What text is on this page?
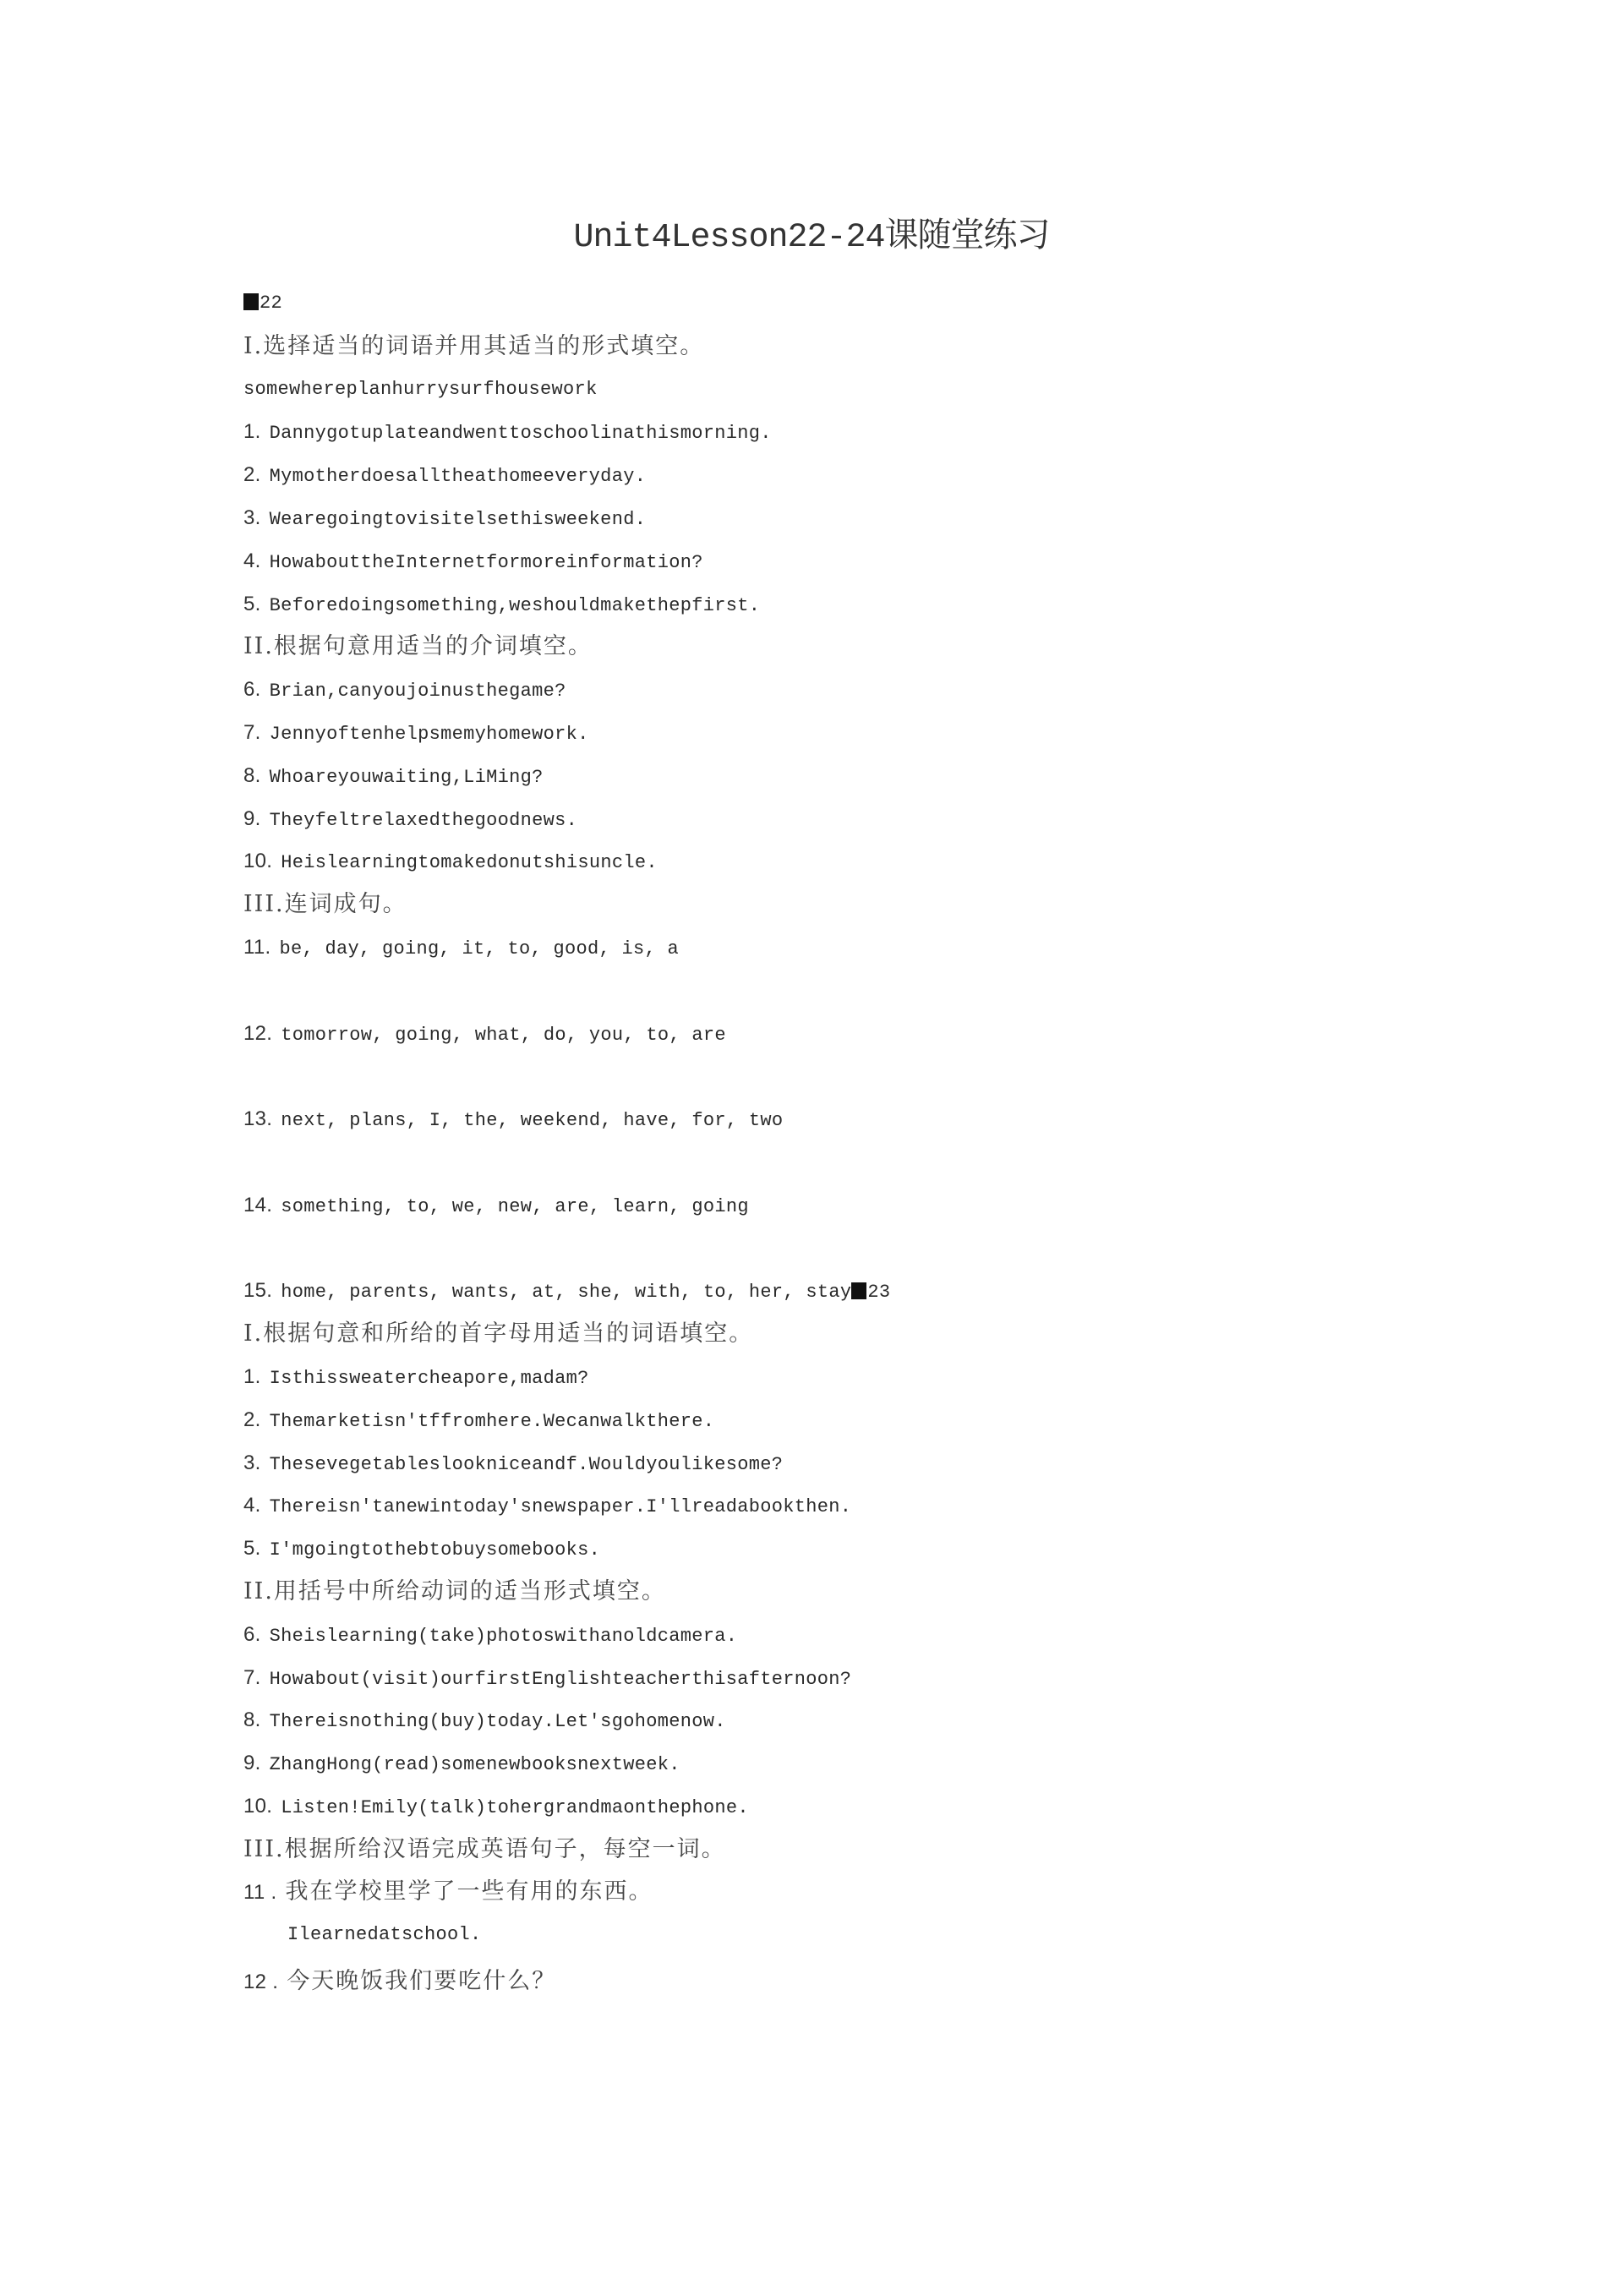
Unit4Lesson22-24课随堂练习
22
I.选择适当的词语并用其适当的形式填空。
somewhereplanhurrysurfhousework
1. Dannygotuplateandwenttoschoolinathismorning.
2. Mymotherdoesalltheathomeeveryday.
3. Wearegoingtovisitelsethisweekend.
4. HowabouttheInternetformoreinformation?
5. Beforedoingsomething,weshouldmakethepfirst.
II.根据句意用适当的介词填空。
6. Brian,canyoujoinusthegame?
7. Jennyoftenhelpsmemyhomework.
8. Whoareyouwaiting,LiMing?
9. Theyfeltrelaxedthegoodnews.
10. Heislearningtomakedonutshisuncle.
III.连词成句。
11. be, day, going, it, to, good, is, a
12. tomorrow, going, what, do, you, to, are
13. next, plans, I, the, weekend, have, for, two
14. something, to, we, new, are, learn, going
15. home, parents, wants, at, she, with, to, her, stay 23
I.根据句意和所给的首字母用适当的词语填空。
1. Isthissweatercheapore,madam?
2. Themarketisn'tffromhere.Wecanwalkthere.
3. Thesevegetableslookniceandf.Wouldyoulikesome?
4. Thereisn'tanewintoday'snewspaper.I'llreadabookthen.
5. I'mgoingtothebtobuysomebooks.
II.用括号中所给动词的适当形式填空。
6. Sheislearning(take)photoswithanoldcamera.
7. Howabout(visit)ourfirstEnglishteacherthisafternoon?
8. Thereisnothing(buy)today.Let'sgohomenow.
9. ZhangHong(read)somenewbooksnextweek.
10. Listen!Emily(talk)tohergrandmaonthephone.
III.根据所给汉语完成英语句子，每空一词。
11 . 我在学校里学了一些有用的东西。
Ilearnedatschool.
12 . 今天晚饭我们要吃什么？
